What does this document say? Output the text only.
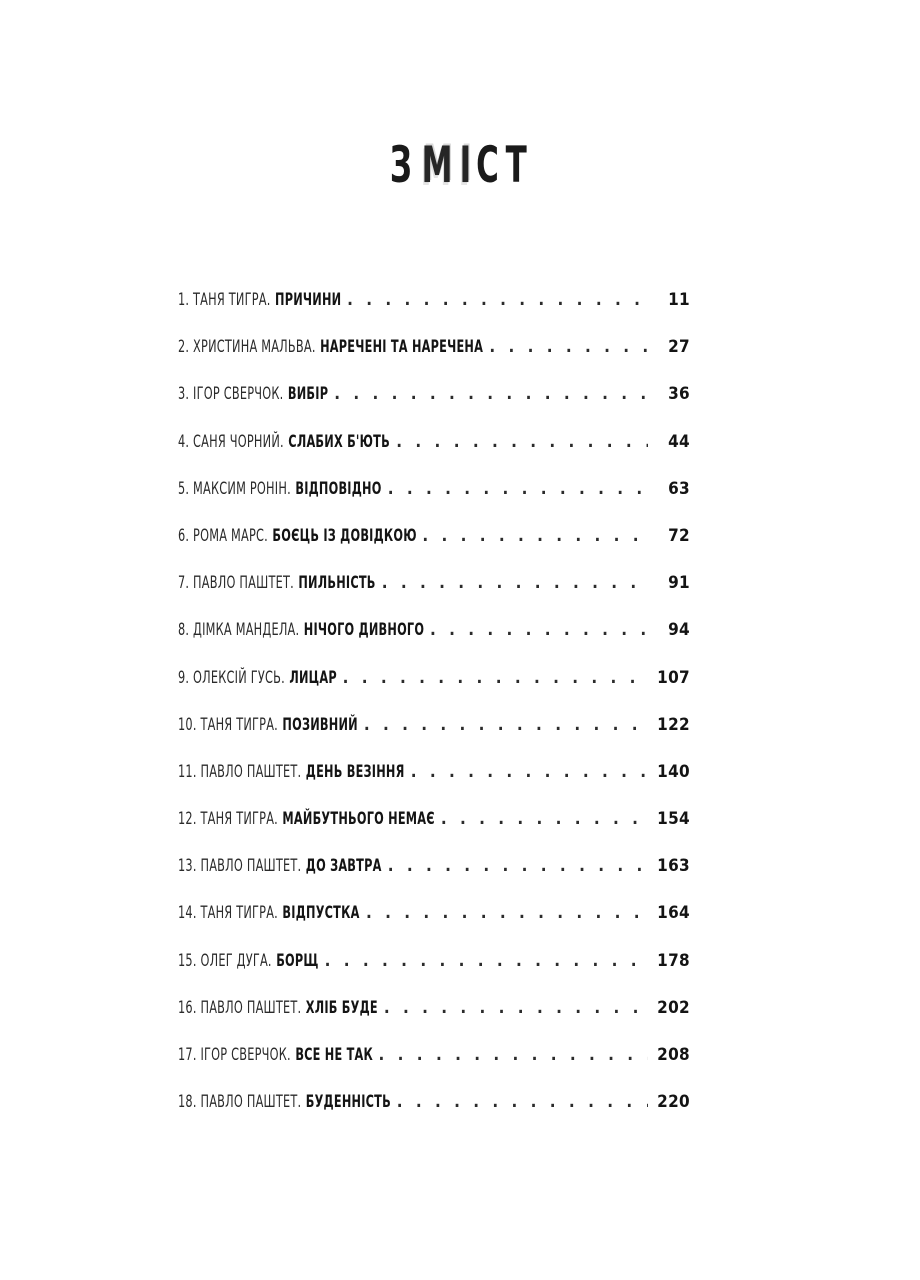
З МІСТ
1. ТАНЯ ТИГРА. ПРИЧИНИ . . .	11
2. ХРИСТИНА МАЛЬВА. НАРЕЧЕНІ ТА НАРЕЧЕНА . . .	27
3. ІГОР СВЕРЧОК. ВИБІР . . .	36
4. САНЯ ЧОРНИЙ. СЛАБИХ Б'ЮТЬ . . .	44
5. МАКСИМ РОНІН. ВІДПОВІДНО . . .	63
6. РОМА МАРС. БОЄЦЬ ІЗ ДОВІДКОЮ . . .	72
7. ПАВЛО ПАШТЕТ. ПИЛЬНІСТЬ . . .	91
8. ДІМКА МАНДЕЛА. НІЧОГО ДИВНОГО . . .	94
9. ОЛЕКСІЙ ГУСЬ. ЛИЦАР . . .	107
10. ТАНЯ ТИГРА. ПОЗИВНИЙ . . .	122
11. ПАВЛО ПАШТЕТ. ДЕНЬ ВЕЗІННЯ . . .	140
12. ТАНЯ ТИГРА. МАЙБУТНЬОГО НЕМАЄ . . .	154
13. ПАВЛО ПАШТЕТ. ДО ЗАВТРА . . .	163
14. ТАНЯ ТИГРА. ВІДПУСТКА . . .	164
15. ОЛЕГ ДУГА. БОРЩ . . .	178
16. ПАВЛО ПАШТЕТ. ХЛІБ БУДЕ . . .	202
17. ІГОР СВЕРЧОК. ВСЕ НЕ ТАК . . .	208
18. ПАВЛО ПАШТЕТ. БУДЕННІСТЬ . . .	220
